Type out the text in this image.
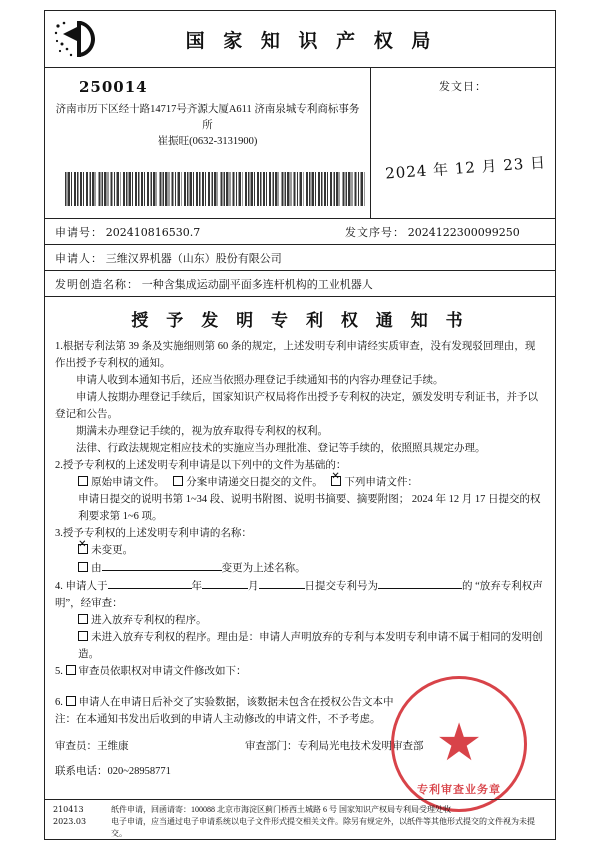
国 家 知 识 产 权 局
250014
济南市历下区经十路14717号齐源大厦A611 济南泉城专利商标事务所
崔振旺(0632-3131900)
发文日：
2024 年 12 月 23 日
申请号： 202410816530.7	发文序号： 2024122300099250
申请人： 三维汉界机器（山东）股份有限公司
发明创造名称： 一种含集成运动副平面多连杆机构的工业机器人
授 予 发 明 专 利 权 通 知 书

1.根据专利法第 39 条及实施细则第 60 条的规定，上述发明专利申请经实质审查，没有发现驳回理由，现作出授予专利权的通知。

申请人收到本通知书后，还应当依照办理登记手续通知书的内容办理登记手续。

申请人按期办理登记手续后，国家知识产权局将作出授予专利权的决定，颁发发明专利证书，并予以登记和公告。

期满未办理登记手续的，视为放弃取得专利权的权利。

法律、行政法规规定相应技术的实施应当办理批准、登记等手续的，依照照具规定办理。

2.授予专利权的上述发明专利申请是以下列中的文件为基础的：

原始申请文件。 分案申请递交日提交的文件。 ✕ 下列申请文件：

申请日提交的说明书第 1~34 段、说明书附图、说明书摘要、摘要附图； 2024 年 12 月 17 日提交的权利要求第 1~6 项。

3.授予专利权的上述发明专利申请的名称：

✕未变更。

由	变更为上述名称。

4. 申请人于	年	月	日提交专利号为	的 “放弃专利权声明”，经审查：

进入放弃专利权的程序。

未进入放弃专利权的程序。理由是：申请人声明放弃的专利与本发明专利申请不属于相同的发明创造。

5. 审查员依职权对申请文件修改如下：

6. 申请人在申请日后补交了实验数据，该数据未包含在授权公告文本中

注：在本通知书发出后收到的申请人主动修改的申请文件，不予考虑。	★
专利审查业务章
审查员：王维康	审查部门：专利局光电技术发明审查部
联系电话：020~28958771
210413
2023.03
纸件申请，回函请寄：100088 北京市海淀区蓟门桥西土城路 6 号 国家知识产权局专利局受理处收
电子申请，应当通过电子申请系统以电子文件形式提交相关文件。除另有规定外，以纸件等其他形式提交的文件视为未提交。
